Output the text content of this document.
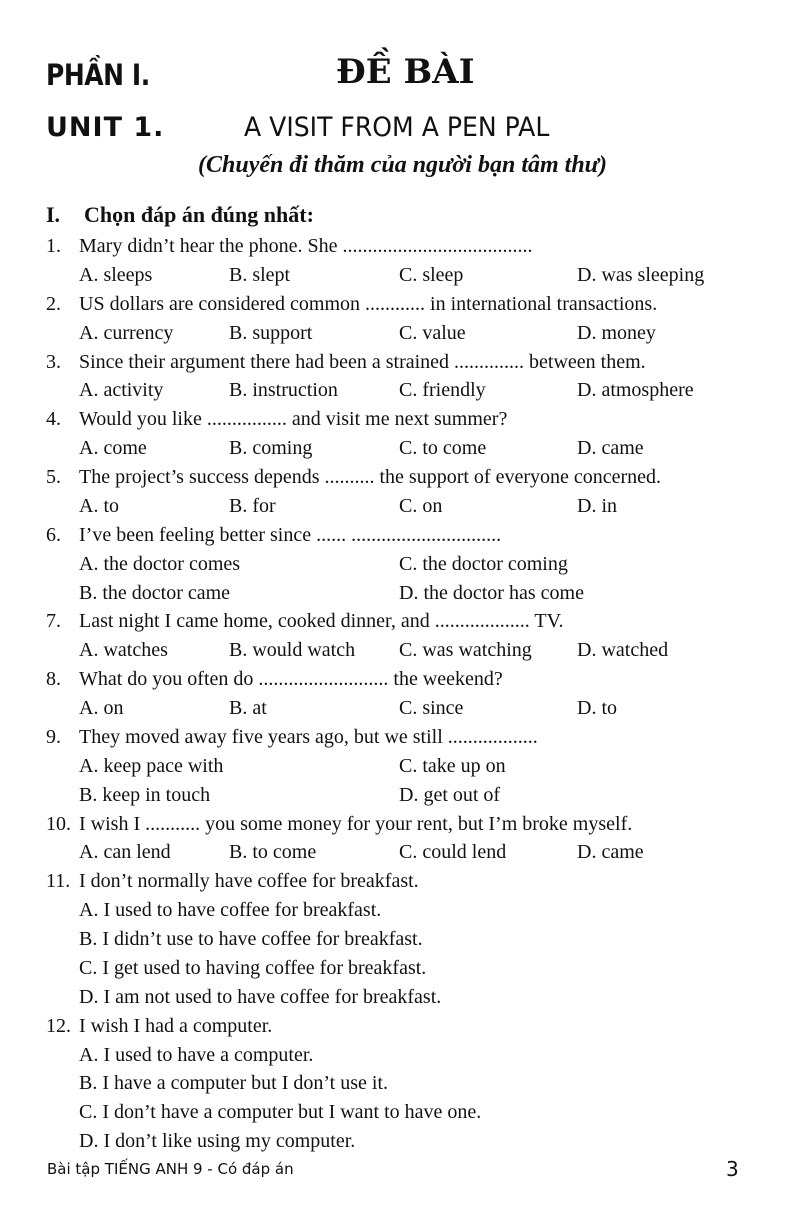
PHẦN I.	ĐỀ BÀI
UNIT 1.	A VISIT FROM A PEN PAL
(Chuyến đi thăm của người bạn tâm thư)
I. Chọn đáp án đúng nhất:
1. Mary didn’t hear the phone. She ......................................
A. sleeps	B. slept	C. sleep	D. was sleeping
2. US dollars are considered common ............ in international transactions.
A. currency	B. support	C. value	D. money
3. Since their argument there had been a strained .............. between them.
A. activity	B. instruction	C. friendly	D. atmosphere
4. Would you like ................ and visit me next summer?
A. come	B. coming	C. to come	D. came
5. The project’s success depends .......... the support of everyone concerned.
A. to	B. for	C. on	D. in
6. I’ve been feeling better since ...... ..............................
A. the doctor comes	C. the doctor coming
B. the doctor came	D. the doctor has come
7. Last night I came home, cooked dinner, and ................... TV.
A. watches	B. would watch C. was watching D. watched
8. What do you often do .......................... the weekend?
A. on	B. at	C. since	D. to
9. They moved away five years ago, but we still ..................
A. keep pace with	C. take up on
B. keep in touch	D. get out of
10. I wish I ........... you some money for your rent, but I’m broke myself.
A. can lend	B. to come	C. could lend	D. came
11. I don’t normally have coffee for breakfast.
A. I used to have coffee for breakfast.
B. I didn’t use to have coffee for breakfast.
C. I get used to having coffee for breakfast.
D. I am not used to have coffee for breakfast.
12. I wish I had a computer.
A. I used to have a computer.
B. I have a computer but I don’t use it.
C. I don’t have a computer but I want to have one.
D. I don’t like using my computer.
Bài tập TIẾNG ANH 9 - Có đáp án	3
